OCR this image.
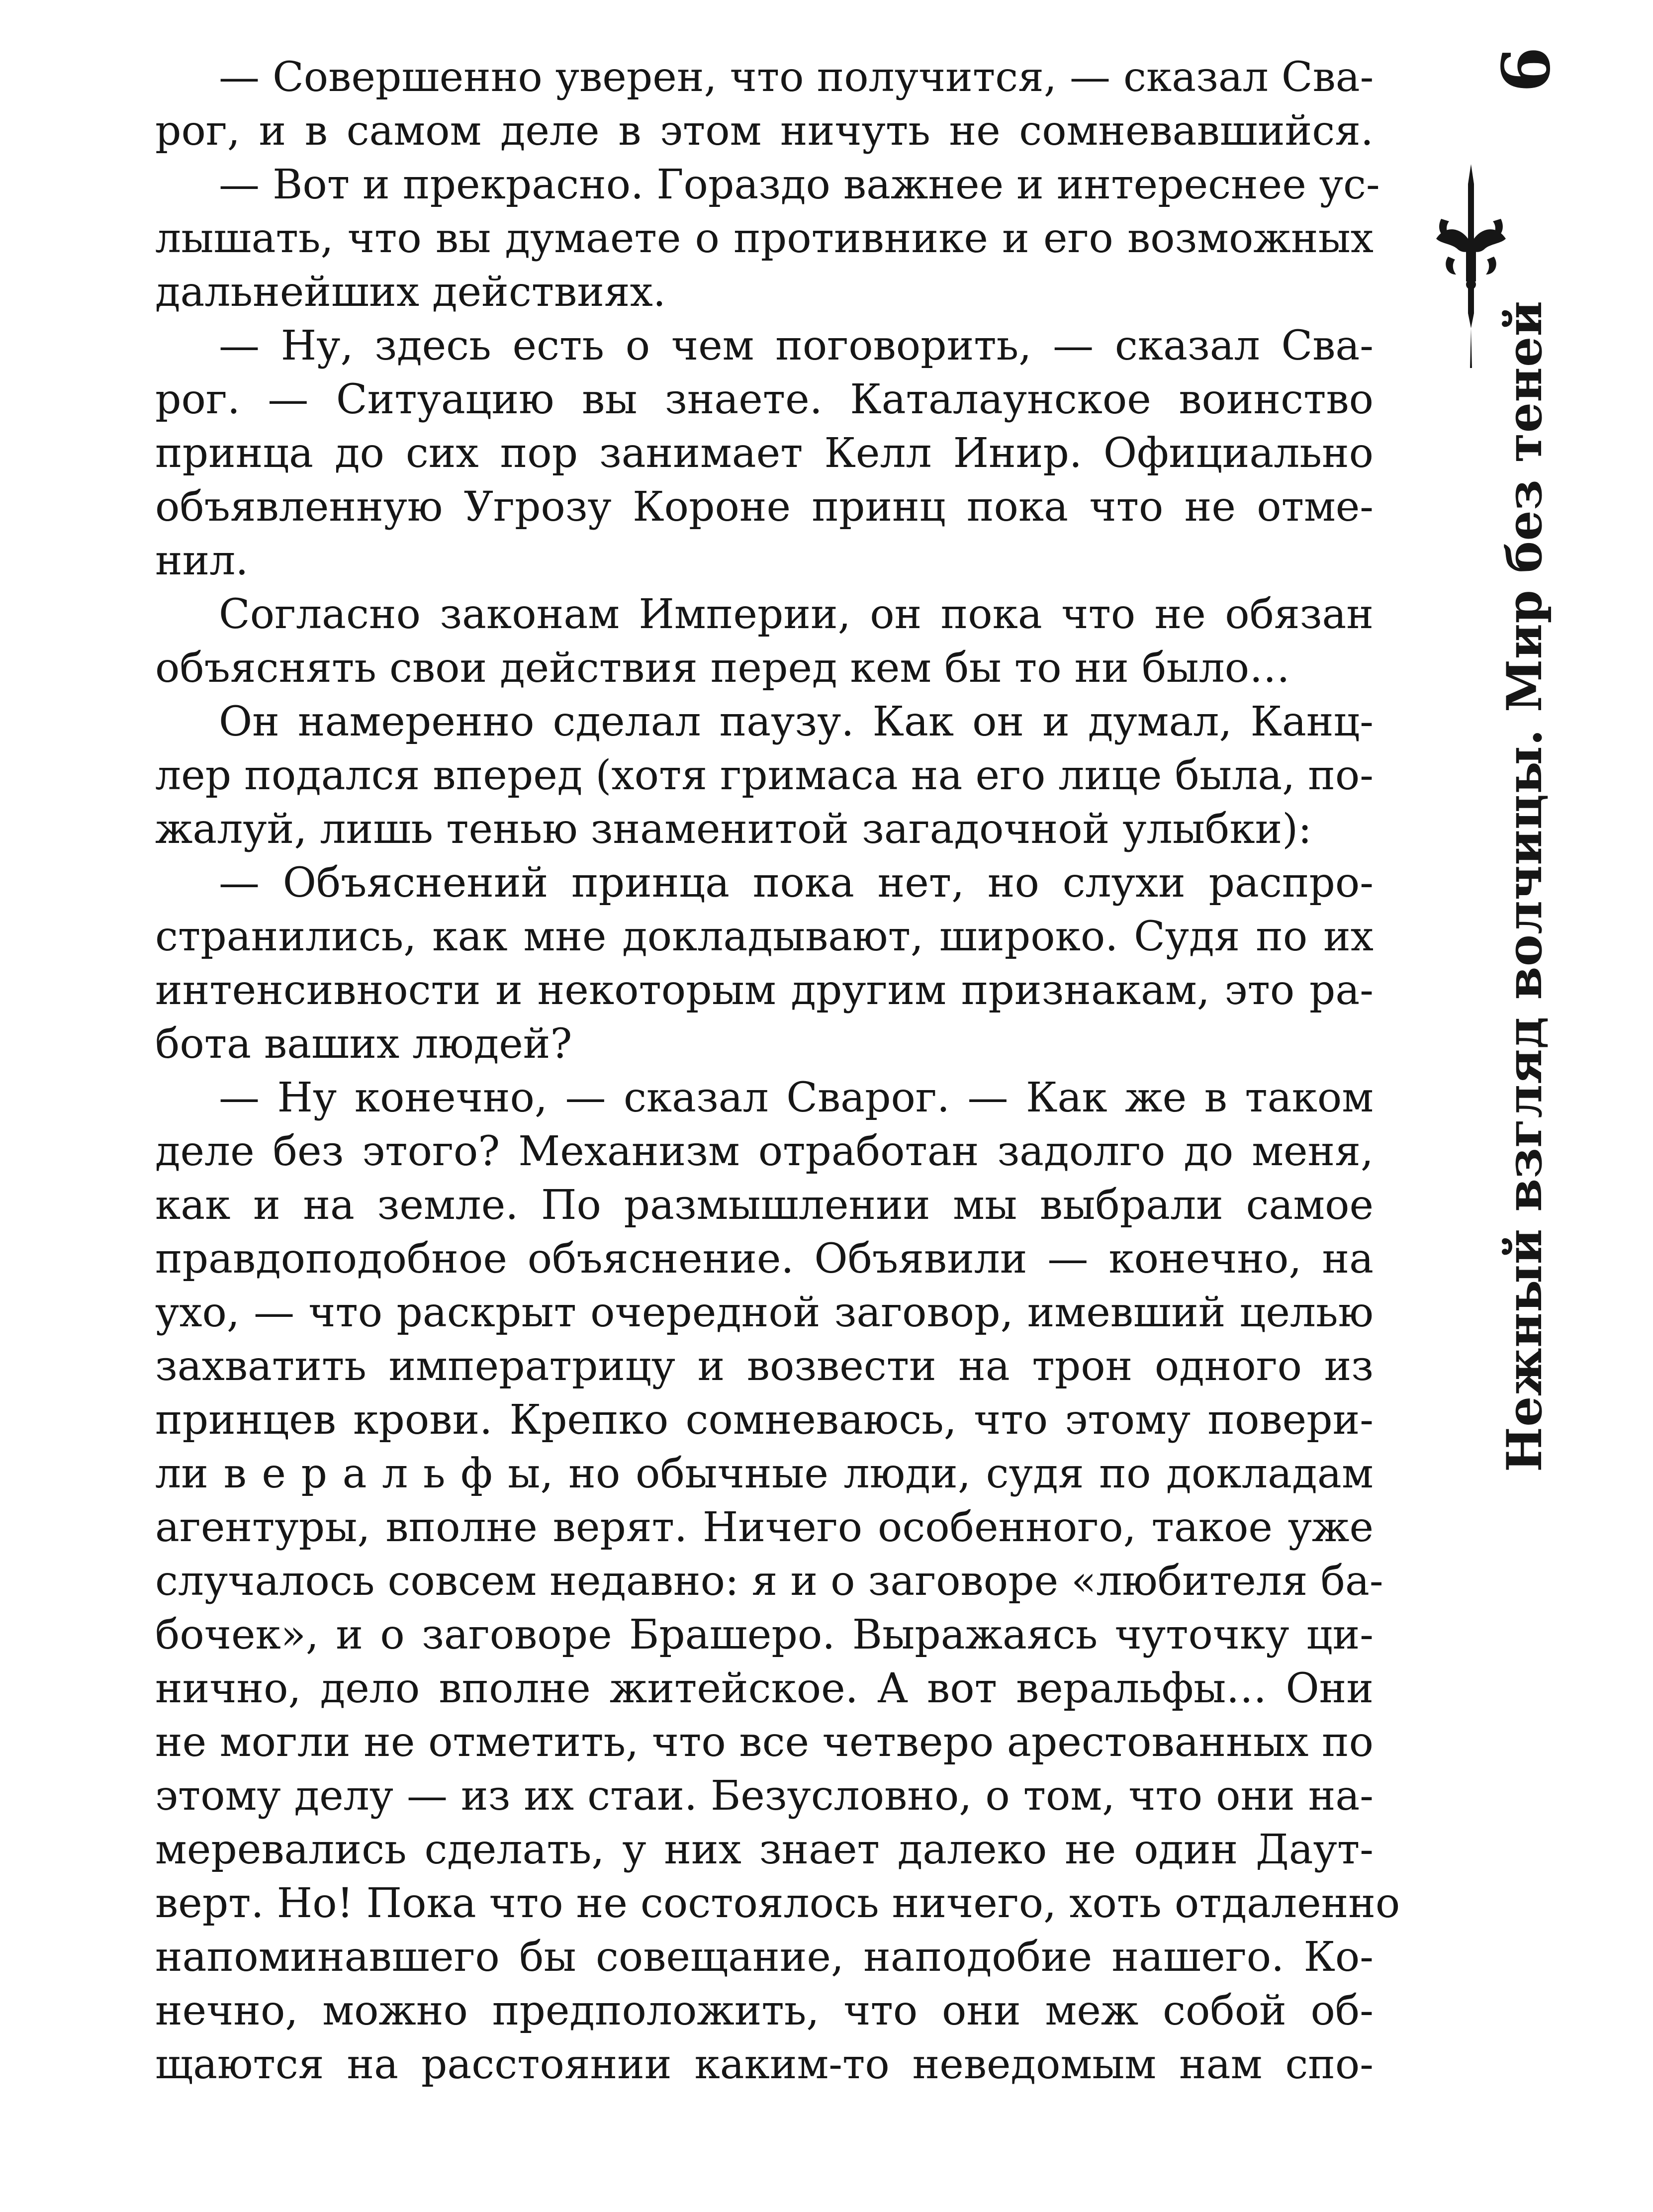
— Совершенно уверен, что получится, — сказал Сва-
рог, и в самом деле в этом ничуть не сомневавшийся.
— Вот и прекрасно. Гораздо важнее и интереснее ус-
лышать, что вы думаете о противнике и его возможных
дальнейших действиях.
— Ну, здесь есть о чем поговорить, — сказал Сва-
рог. — Ситуацию вы знаете. Каталаунское воинство
принца до сих пор занимает Келл Инир. Официально
объявленную Угрозу Короне принц пока что не отме-
нил.
Согласно законам Империи, он пока что не обязан
объяснять свои действия перед кем бы то ни было…
Он намеренно сделал паузу. Как он и думал, Канц-
лер подался вперед (хотя гримаса на его лице была, по-
жалуй, лишь тенью знаменитой загадочной улыбки):
— Объяснений принца пока нет, но слухи распро-
странились, как мне докладывают, широко. Судя по их
интенсивности и некоторым другим признакам, это ра-
бота ваших людей?
— Ну конечно, — сказал Сварог. — Как же в таком
деле без этого? Механизм отработан задолго до меня,
как и на земле. По размышлении мы выбрали самое
правдоподобное объяснение. Объявили — конечно, на
ухо, — что раскрыт очередной заговор, имевший целью
захватить императрицу и возвести на трон одного из
принцев крови. Крепко сомневаюсь, что этому повери-
ли в е р а л ь ф ы, но обычные люди, судя по докладам
агентуры, вполне верят. Ничего особенного, такое уже
случалось совсем недавно: я и о заговоре «любителя ба-
бочек», и о заговоре Брашеро. Выражаясь чуточку ци-
нично, дело вполне житейское. А вот веральфы… Они
не могли не отметить, что все четверо арестованных по
этому делу — из их стаи. Безусловно, о том, что они на-
меревались сделать, у них знает далеко не один Даут-
верт. Но! Пока что не состоялось ничего, хоть отдаленно
напоминавшего бы совещание, наподобие нашего. Ко-
нечно, можно предположить, что они меж собой об-
щаются на расстоянии каким-то неведомым нам спо-
9
Нежный взгляд волчицы. Мир без теней
